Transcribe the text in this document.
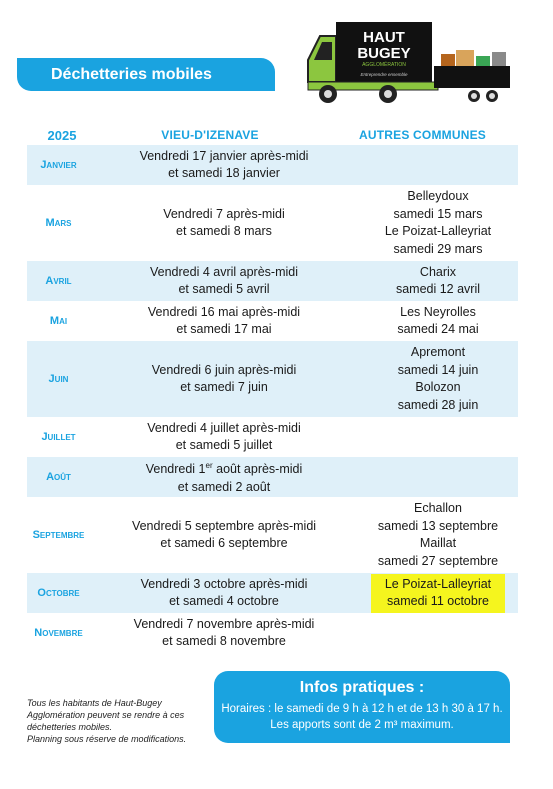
Déchetteries mobiles
HAUT
BUGEY
AGGLOMÉRATION
Entreprendre ensemble
2025	VIEU-D'IZENAVE	AUTRES COMMUNES
Janvier
Vendredi 17 janvier après-midi
et samedi 18 janvier
Mars
Vendredi 7 après-midi
et samedi 8 mars
Belleydoux
samedi 15 mars
Le Poizat-Lalleyriat
samedi 29 mars
Avril
Vendredi 4 avril après-midi
et samedi 5 avril
Charix
samedi 12 avril
Mai
Vendredi 16 mai après-midi
et samedi 17 mai
Les Neyrolles
samedi 24 mai
Juin
Vendredi 6 juin après-midi
et samedi 7 juin
Apremont
samedi 14 juin
Bolozon
samedi 28 juin
Juillet
Vendredi 4 juillet après-midi
et samedi 5 juillet
Août
Vendredi 1er août après-midi
et samedi 2 août
Septembre
Vendredi 5 septembre après-midi
et samedi 6 septembre
Echallon
samedi 13 septembre
Maillat
samedi 27 septembre
Octobre
Vendredi 3 octobre après-midi
et samedi 4 octobre
Le Poizat-Lalleyriat
samedi 11 octobre
Novembre
Vendredi 7 novembre après-midi
et samedi 8 novembre
Tous les habitants de Haut-Bugey
Agglomération peuvent se rendre à ces
déchetteries mobiles.
Planning sous réserve de modifications.
Infos pratiques :

Horaires : le samedi de 9 h à 12 h et de 13 h 30 à 17 h.

Les apports sont de 2 m³ maximum.
